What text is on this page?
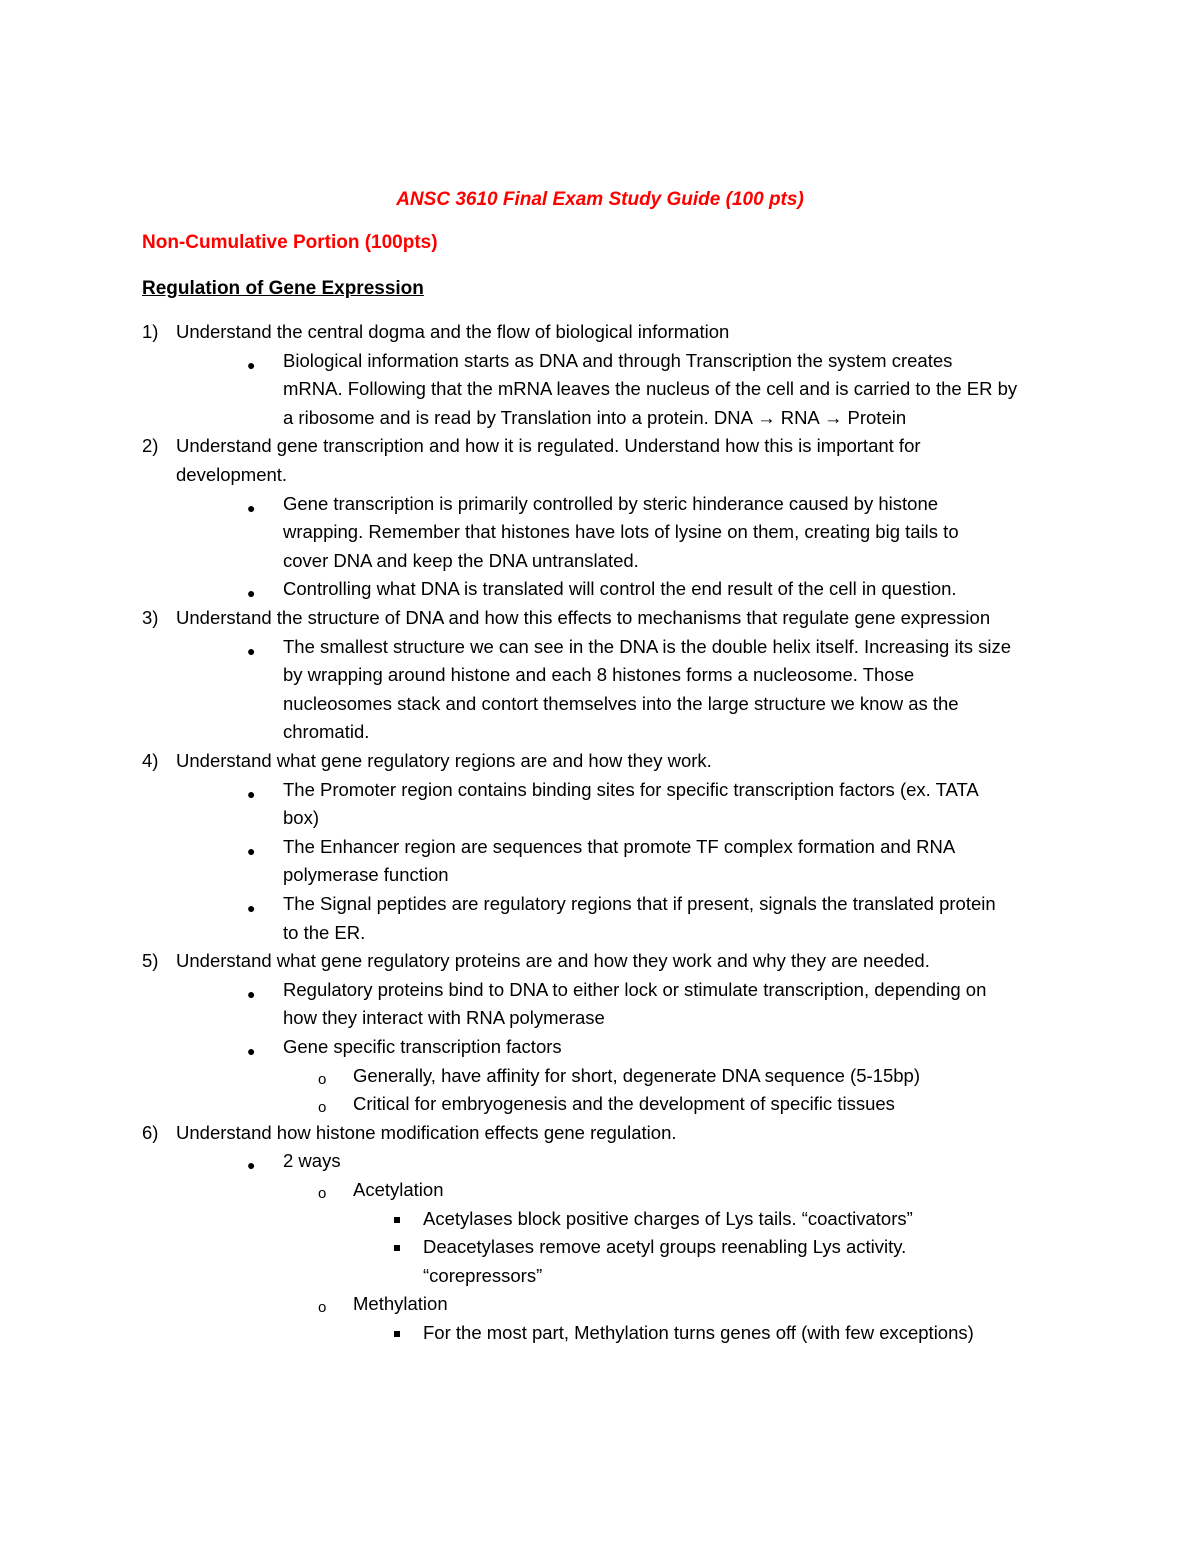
ANSC 3610 Final Exam Study Guide (100 pts)
Non-Cumulative Portion (100pts)
Regulation of Gene Expression
1) Understand the central dogma and the flow of biological information
● Biological information starts as DNA and through Transcription the system creates
mRNA. Following that the mRNA leaves the nucleus of the cell and is carried to the ER by
a ribosome and is read by Translation into a protein. DNA → RNA → Protein
2) Understand gene transcription and how it is regulated. Understand how this is important for
development.
● Gene transcription is primarily controlled by steric hinderance caused by histone
wrapping. Remember that histones have lots of lysine on them, creating big tails to
cover DNA and keep the DNA untranslated.
● Controlling what DNA is translated will control the end result of the cell in question.
3) Understand the structure of DNA and how this effects to mechanisms that regulate gene expression
● The smallest structure we can see in the DNA is the double helix itself. Increasing its size
by wrapping around histone and each 8 histones forms a nucleosome. Those
nucleosomes stack and contort themselves into the large structure we know as the
chromatid.
4) Understand what gene regulatory regions are and how they work.
● The Promoter region contains binding sites for specific transcription factors (ex. TATA
box)
● The Enhancer region are sequences that promote TF complex formation and RNA
polymerase function
● The Signal peptides are regulatory regions that if present, signals the translated protein
to the ER.
5) Understand what gene regulatory proteins are and how they work and why they are needed.
● Regulatory proteins bind to DNA to either lock or stimulate transcription, depending on
how they interact with RNA polymerase
● Gene specific transcription factors
o Generally, have affinity for short, degenerate DNA sequence (5-15bp)
o Critical for embryogenesis and the development of specific tissues
6) Understand how histone modification effects gene regulation.
● 2 ways
o Acetylation
Acetylases block positive charges of Lys tails. “coactivators”
Deacetylases remove acetyl groups reenabling Lys activity.
“corepressors”
o Methylation
For the most part, Methylation turns genes off (with few exceptions)
